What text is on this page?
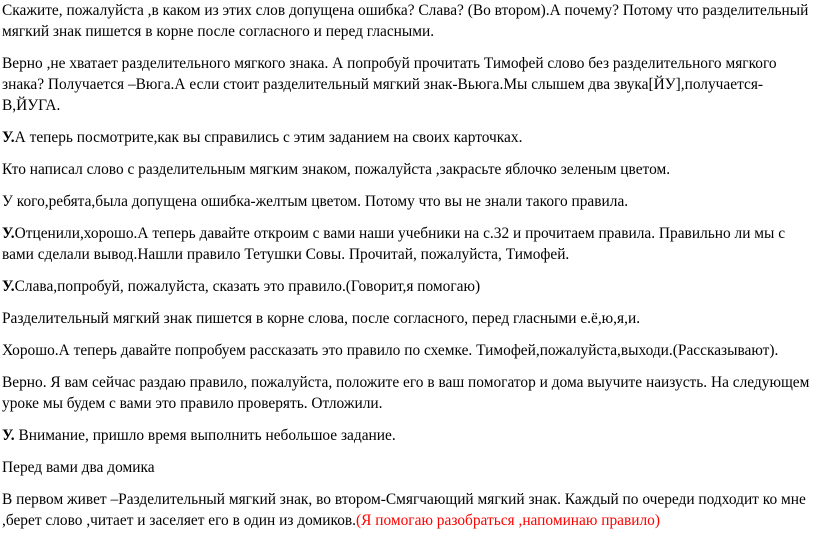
Скажите, пожалуйста ,в каком из этих слов допущена ошибка? Слава? (Во втором).А почему? Потому что разделительный мягкий знак пишется в корне после согласного и перед гласными.

Верно ,не хватает разделительного мягкого знака. А попробуй прочитать Тимофей слово без разделительного мягкого знака? Получается –Вюга.А если стоит разделительный мягкий знак-Вьюга.Мы слышем два звука[ЙУ],получается-В,ЙУГА.

У.А теперь посмотрите,как вы справились с этим заданием на своих карточках.

Кто написал слово с разделительным мягким знаком, пожалуйста ,закрасьте яблочко зеленым цветом.

У кого,ребята,была допущена ошибка-желтым цветом. Потому что вы не знали такого правила.

У.Отценили,хорошо.А теперь давайте откроим с вами наши учебники на с.32 и прочитаем правила. Правильно ли мы с вами сделали вывод.Нашли правило Тетушки Совы. Прочитай, пожалуйста, Тимофей.

У.Слава,попробуй, пожалуйста, сказать это правило.(Говорит,я помогаю)

Разделительный мягкий знак пишется в корне слова, после согласного, перед гласными е.ё,ю,я,и.

Хорошо.А теперь давайте попробуем рассказать это правило по схемке. Тимофей,пожалуйста,выходи.(Рассказывают).

Верно. Я вам сейчас раздаю правило, пожалуйста, положите его в ваш помогатор и дома выучите наизусть. На следующем уроке мы будем с вами это правило проверять. Отложили.

У. Внимание, пришло время выполнить небольшое задание.

Перед вами два домика

В первом живет –Разделительный мягкий знак, во втором-Смягчающий мягкий знак. Каждый по очереди подходит ко мне ,берет слово ,читает и заселяет его в один из домиков.(Я помогаю разобраться ,напоминаю правило)
